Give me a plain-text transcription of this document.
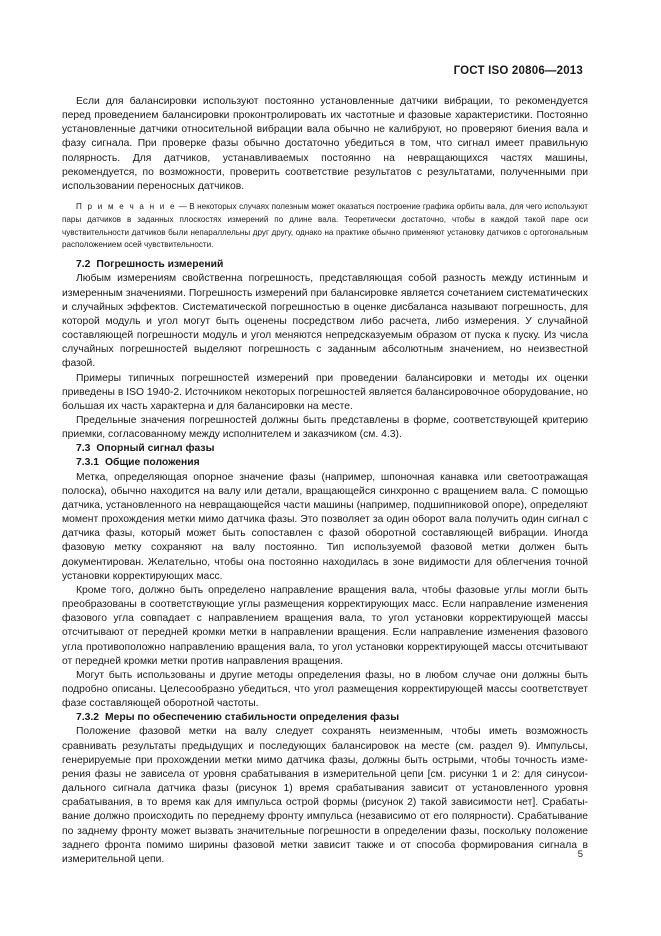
ГОСТ ISO 20806—2013

Если для балансировки используют постоянно установленные датчики вибрации, то рекомендуется перед проведением балансировки проконтролировать их частотные и фазовые характеристики. Постоянно установленные датчики относительной вибрации вала обычно не калибруют, но проверяют биения вала и фазу сигнала. При проверке фазы обычно достаточно убедиться в том, что сигнал имеет правильную полярность. Для датчиков, устанавливаемых постоянно на невращающихся частях машины, рекомендуется, по возможности, проверить соответствие результатов с результатами, полученными при использовании переносных датчиков.

П р и м е ч а н и е — В некоторых случаях полезным может оказаться построение графика орбиты вала, для чего используют пары датчиков в заданных плоскостях измерений по длине вала. Теоретически достаточно, чтобы в каждой такой паре оси чувствительности датчиков были непараллельны друг другу, однако на практике обычно применяют установку датчиков с ортогональным расположением осей чувствительности.

7.2 Погрешность измерений

Любым измерениям свойственна погрешность, представляющая собой разность между истинным и измеренным значениями. Погрешность измерений при балансировке является сочетанием систематических и случайных эффектов. Систематической погрешностью в оценке дисбаланса называют погрешность, для которой модуль и угол могут быть оценены посредством либо расчета, либо измерения. У случайной составляющей погрешности модуль и угол меняются непредсказуемым образом от пуска к пуску. Из числа случайных погрешностей выделяют погрешность с заданным абсолютным значением, но неизвестной фазой.

Примеры типичных погрешностей измерений при проведении балансировки и методы их оценки приведены в ISO 1940-2. Источником некоторых погрешностей является балансировочное оборудование, но большая их часть характерна и для балансировки на месте.

Предельные значения погрешностей должны быть представлены в форме, соответствующей критерию приемки, согласованному между исполнителем и заказчиком (см. 4.3).

7.3 Опорный сигнал фазы
7.3.1 Общие положения

Метка, определяющая опорное значение фазы (например, шпоночная канавка или светоотражащая полоска), обычно находится на валу или детали, вращающейся синхронно с вращением вала. С помощью датчика, установленного на невращающейся части машины (например, подшипниковой опоре), определяют момент прохождения метки мимо датчика фазы. Это позволяет за один оборот вала получить один сигнал с датчика фазы, который может быть сопоставлен с фазой оборотной составляющей вибрации. Иногда фазовую метку сохраняют на валу постоянно. Тип используемой фазовой метки должен быть документирован. Желательно, чтобы она постоянно находилась в зоне видимости для облегчения точной установки корректирующих масс.

Кроме того, должно быть определено направление вращения вала, чтобы фазовые углы могли быть преобразованы в соответствующие углы размещения корректирующих масс. Если направление изменения фазового угла совпадает с направлением вращения вала, то угол установки корректирующей массы отсчитывают от передней кромки метки в направлении вращения. Если направление изменения фазового угла противоположно направлению вращения вала, то угол установки корректирующей массы отсчитывают от передней кромки метки против направления вращения.

Могут быть использованы и другие методы определения фазы, но в любом случае они должны быть подробно описаны. Целесообразно убедиться, что угол размещения корректирующей массы соответствует фазе составляющей оборотной частоты.

7.3.2 Меры по обеспечению стабильности определения фазы

Положение фазовой метки на валу следует сохранять неизменным, чтобы иметь возможность сравнивать результаты предыдущих и последующих балансировок на месте (см. раздел 9). Импульсы, генерируемые при прохождении метки мимо датчика фазы, должны быть острыми, чтобы точность измерения фазы не зависела от уровня срабатывания в измерительной цепи [см. рисунки 1 и 2: для синусоидального сигнала датчика фазы (рисунок 1) время срабатывания зависит от установленного уровня срабатывания, в то время как для импульса острой формы (рисунок 2) такой зависимости нет]. Срабатывание должно происходить по переднему фронту импульса (независимо от его полярности). Срабатывание по заднему фронту может вызвать значительные погрешности в определении фазы, поскольку положение заднего фронта помимо ширины фазовой метки зависит также и от способа формирования сигнала в измерительной цепи.	5
